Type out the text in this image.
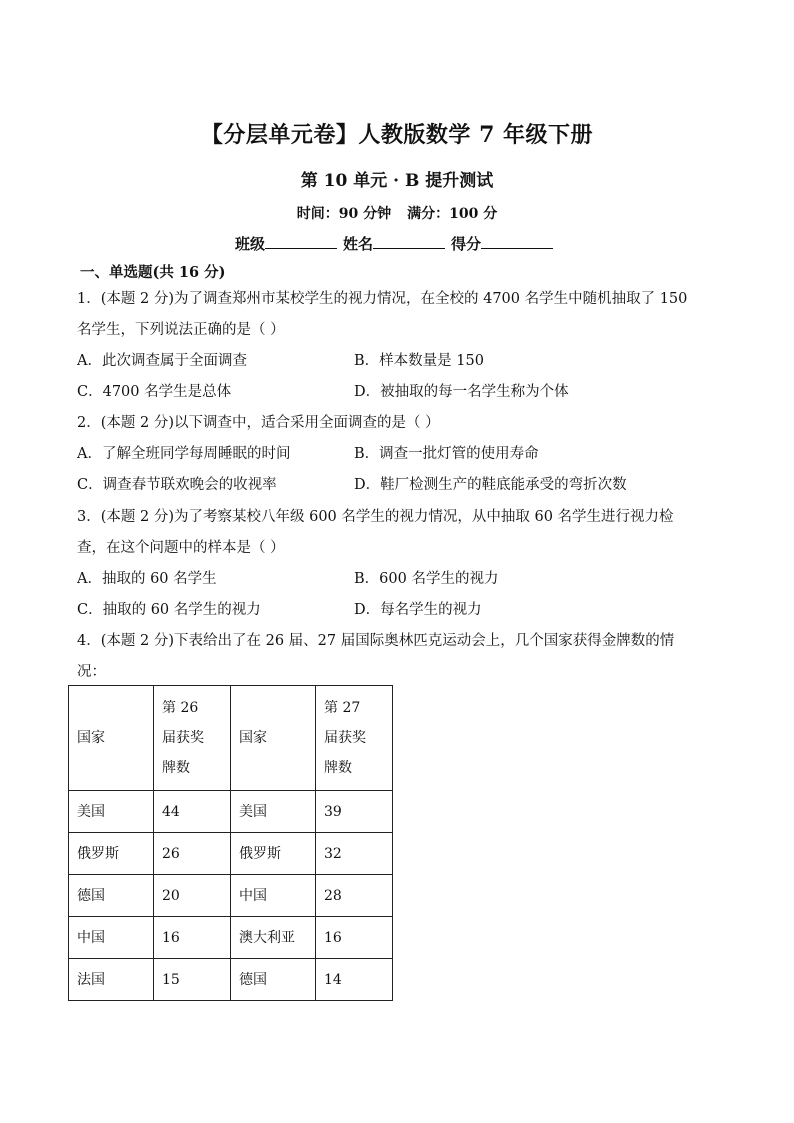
【分层单元卷】人教版数学 7 年级下册
第 10 单元 · B 提升测试
时间：90 分钟 满分：100 分
班级	姓名	得分
一、单选题(共 16 分)
1．(本题 2 分)为了调查郑州市某校学生的视力情况，在全校的 4700 名学生中随机抽取了 150
名学生，下列说法正确的是（ ）
A．此次调查属于全面调查	B．样本数量是 150
C．4700 名学生是总体	D．被抽取的每一名学生称为个体
2．(本题 2 分)以下调查中，适合采用全面调查的是（ ）
A．了解全班同学每周睡眠的时间	B．调查一批灯管的使用寿命
C．调查春节联欢晚会的收视率	D．鞋厂检测生产的鞋底能承受的弯折次数
3．(本题 2 分)为了考察某校八年级 600 名学生的视力情况，从中抽取 60 名学生进行视力检
查，在这个问题中的样本是（ ）
A．抽取的 60 名学生	B．600 名学生的视力
C．抽取的 60 名学生的视力	D．每名学生的视力
4．(本题 2 分)下表给出了在 26 届、27 届国际奥林匹克运动会上，几个国家获得金牌数的情
况：
国家	第 26 届获奖牌数	国家	第 27 届获奖牌数

美国	44	美国	39
俄罗斯	26	俄罗斯	32
德国	20	中国	28
中国	16	澳大利亚	16
法国	15	德国	14
